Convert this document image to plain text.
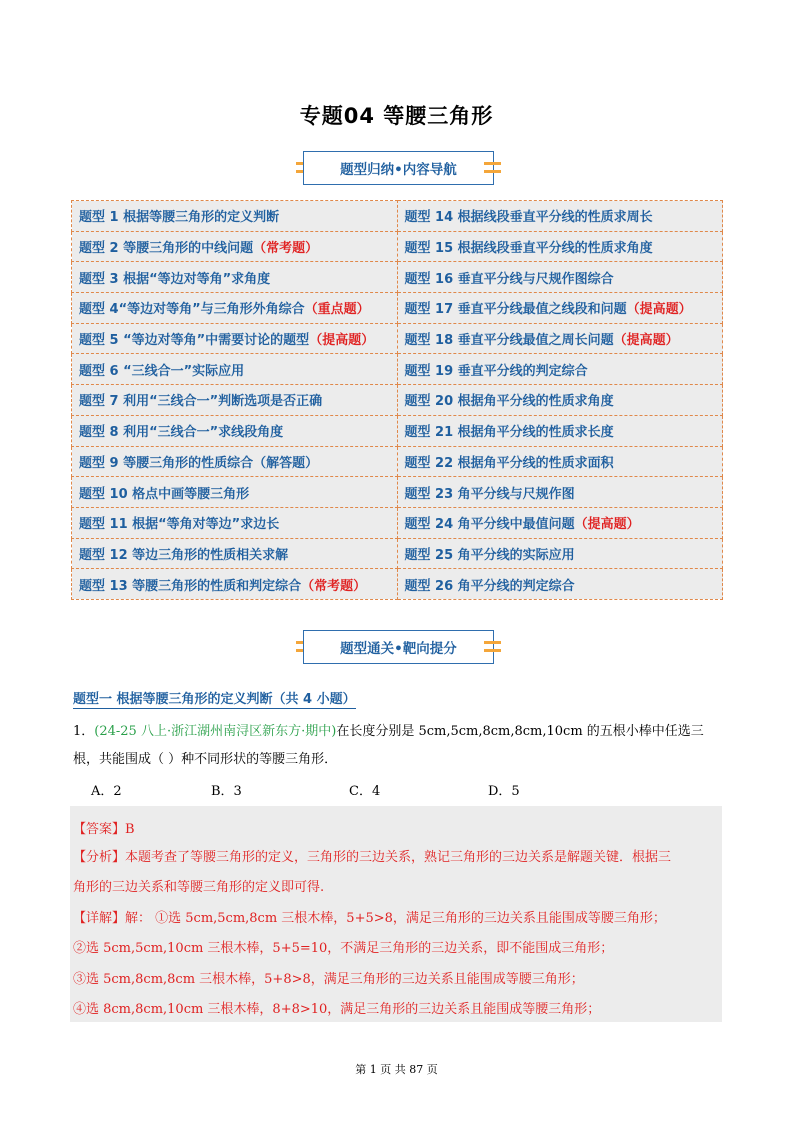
专题04 等腰三角形
题型归纳•内容导航
题型 1 根据等腰三角形的定义判断	题型 14 根据线段垂直平分线的性质求周长
题型 2 等腰三角形的中线问题（常考题）	题型 15 根据线段垂直平分线的性质求角度
题型 3 根据“等边对等角”求角度	题型 16 垂直平分线与尺规作图综合
题型 4“等边对等角”与三角形外角综合（重点题）	题型 17 垂直平分线最值之线段和问题（提高题）
题型 5 “等边对等角”中需要讨论的题型（提高题）	题型 18 垂直平分线最值之周长问题（提高题）
题型 6 “三线合一”实际应用	题型 19 垂直平分线的判定综合
题型 7 利用“三线合一”判断选项是否正确	题型 20 根据角平分线的性质求角度
题型 8 利用“三线合一”求线段角度	题型 21 根据角平分线的性质求长度
题型 9 等腰三角形的性质综合（解答题）	题型 22 根据角平分线的性质求面积
题型 10 格点中画等腰三角形	题型 23 角平分线与尺规作图
题型 11 根据“等角对等边”求边长	题型 24 角平分线中最值问题（提高题）
题型 12 等边三角形的性质相关求解	题型 25 角平分线的实际应用
题型 13 等腰三角形的性质和判定综合（常考题）	题型 26 角平分线的判定综合
题型通关•靶向提分
题型一 根据等腰三角形的定义判断（共 4 小题）
1．(24-25 八上·浙江湖州南浔区新东方·期中)在长度分别是 5cm,5cm,8cm,8cm,10cm 的五根小棒中任选三根，共能围成（ ）种不同形状的等腰三角形．
A．2	B．3	C．4	D．5
【答案】B
【分析】本题考查了等腰三角形的定义，三角形的三边关系，熟记三角形的三边关系是解题关键．根据三
角形的三边关系和等腰三角形的定义即可得.
【详解】解： ①选 5cm,5cm,8cm 三根木棒，5+5>8，满足三角形的三边关系且能围成等腰三角形；
②选 5cm,5cm,10cm 三根木棒，5+5=10，不满足三角形的三边关系，即不能围成三角形；
③选 5cm,8cm,8cm 三根木棒，5+8>8，满足三角形的三边关系且能围成等腰三角形；
④选 8cm,8cm,10cm 三根木棒，8+8>10，满足三角形的三边关系且能围成等腰三角形；
第 1 页 共 87 页
